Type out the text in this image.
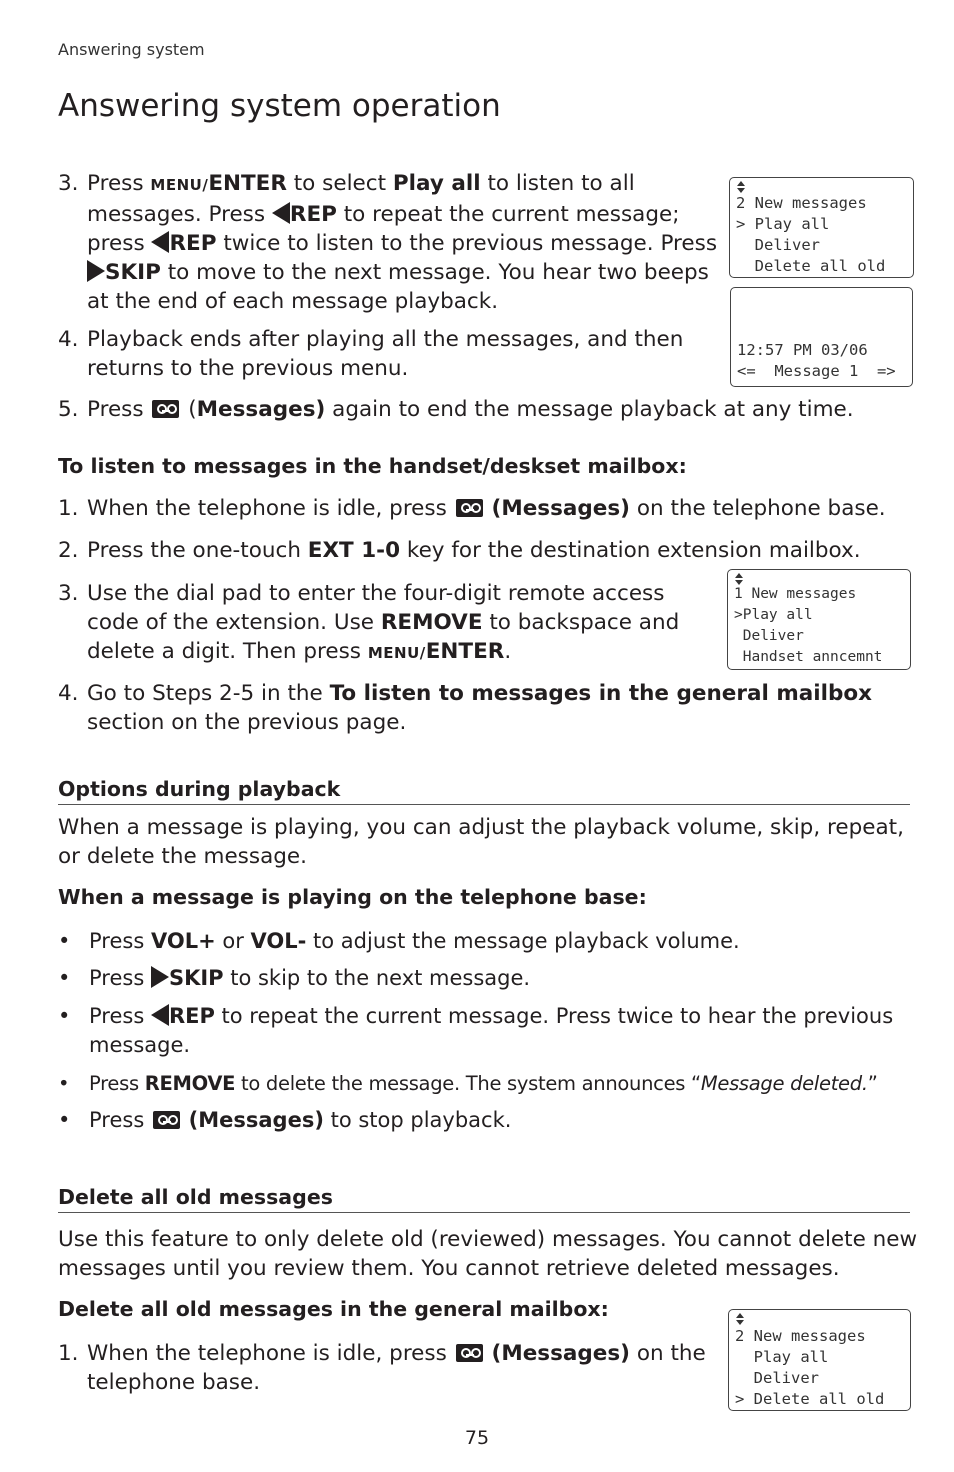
Answering system
Answering system operation
3. Press MENU/ENTER to select Play all to listen to all messages. Press REP to repeat the current message; press REP twice to listen to the previous message. Press SKIP to move to the next message. You hear two beeps at the end of each message playback.
4. Playback ends after playing all the messages, and then returns to the previous menu.
5. Press
(Messages) again to end the message playback at any time.
2 New messages
> Play all
Deliver
Delete all old
12:57 PM 03/06
<=  Message 1  =>
To listen to messages in the handset/deskset mailbox:
1. When the telephone is idle, press
(Messages) on the telephone base.
2. Press the one-touch EXT 1-0 key for the destination extension mailbox.
3. Use the dial pad to enter the four-digit remote access code of the extension. Use REMOVE to backspace and delete a digit. Then press MENU/ENTER.
1 New messages
>Play all
Deliver
Handset anncemnt
4. Go to Steps 2-5 in the To listen to messages in the general mailbox section on the previous page.
Options during playback
When a message is playing, you can adjust the playback volume, skip, repeat, or delete the message.
When a message is playing on the telephone base:
• Press VOL+ or VOL- to adjust the message playback volume.
• Press SKIP to skip to the next message.
• Press REP to repeat the current message. Press twice to hear the previous message.
• Press REMOVE to delete the message. The system announces “Message deleted.”
• Press
(Messages) to stop playback.
Delete all old messages
Use this feature to only delete old (reviewed) messages. You cannot delete new messages until you review them. You cannot retrieve deleted messages.
Delete all old messages in the general mailbox:
1. When the telephone is idle, press
(Messages) on the telephone base.
2 New messages
Play all
Deliver
> Delete all old
75
